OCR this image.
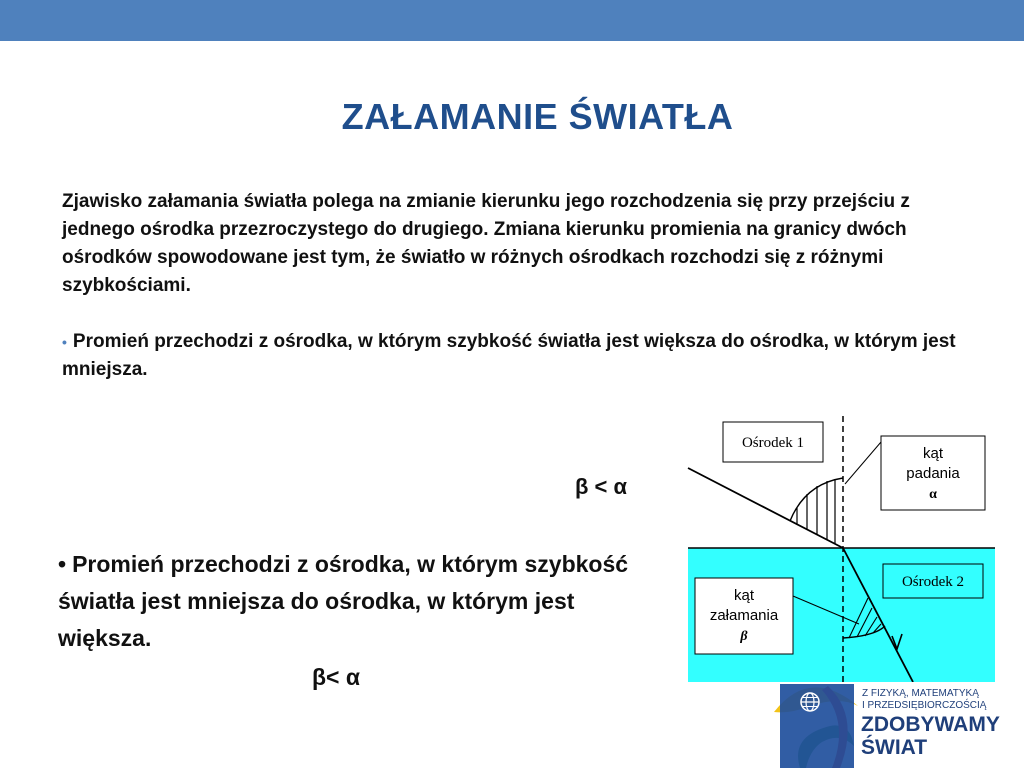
ZAŁAMANIE ŚWIATŁA

Zjawisko załamania światła polega na zmianie kierunku jego rozchodzenia się przy przejściu z jednego ośrodka przezroczystego do drugiego. Zmiana kierunku promienia na granicy dwóch ośrodków spowodowane jest tym, że światło w różnych ośrodkach rozchodzi się z różnymi szybkościami.

• Promień przechodzi z ośrodka, w którym szybkość światła jest większa do ośrodka, w którym jest mniejsza.

β < α

• Promień przechodzi z ośrodka, w którym szybkość światła jest mniejsza do ośrodka, w którym jest większa.

β< α
Ośrodek 1
kąt
padania
α
Ośrodek 2
kąt
załamania
β
Z FIZYKĄ, MATEMATYKĄ
I PRZEDSIĘBIORCZOŚCIĄ
ZDOBYWAMY
ŚWIAT
